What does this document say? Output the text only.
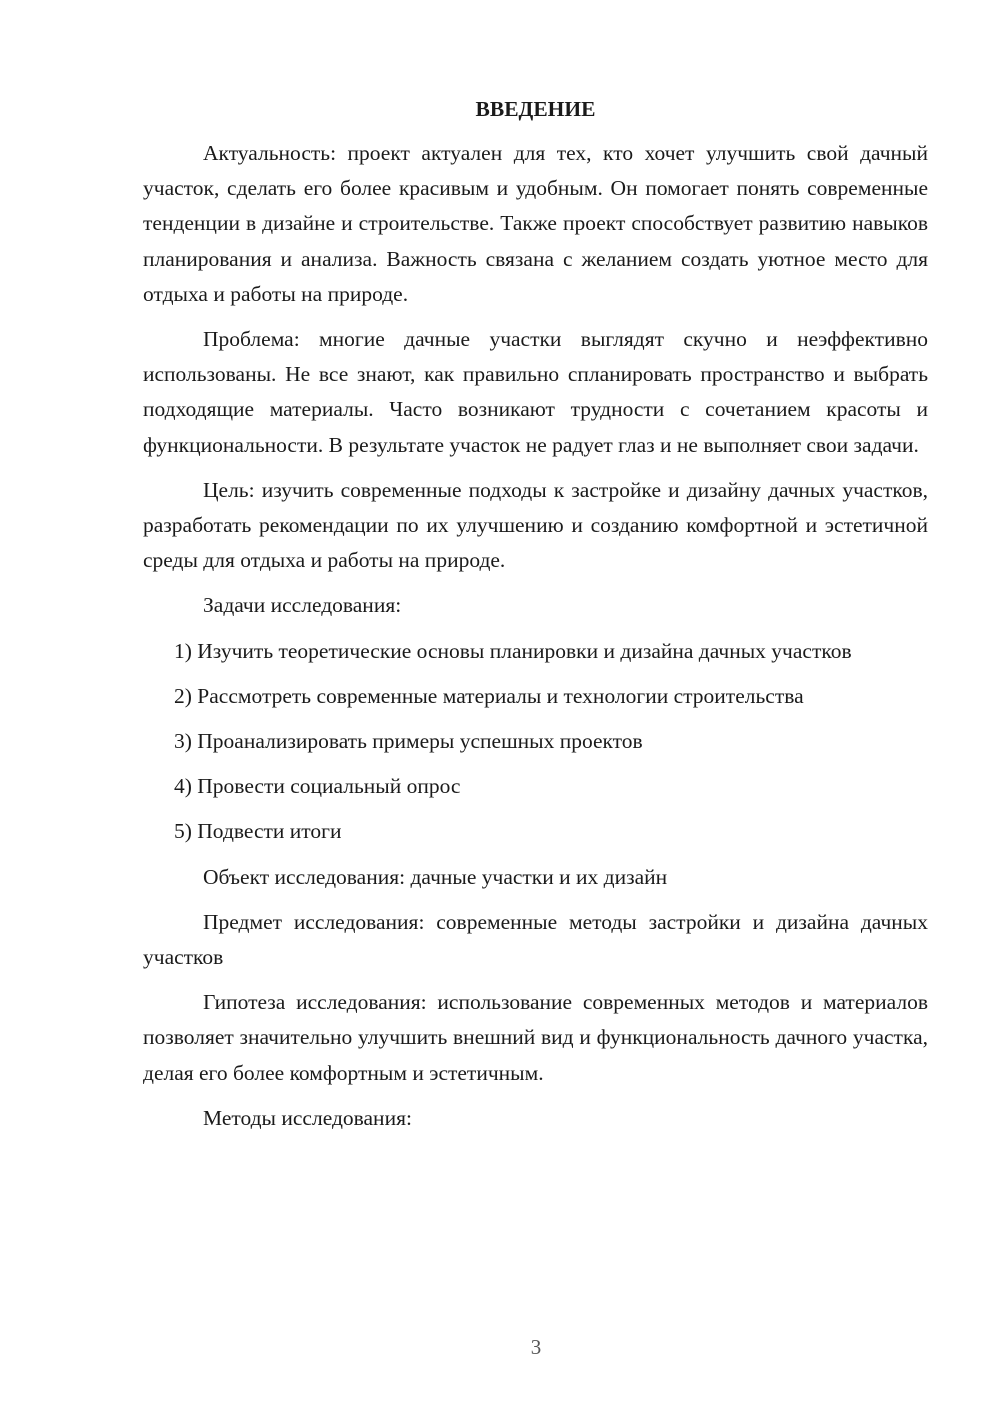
ВВЕДЕНИЕ

Актуальность: проект актуален для тех, кто хочет улучшить свой дачный участок, сделать его более красивым и удобным. Он помогает понять современные тенденции в дизайне и строительстве. Также проект способствует развитию навыков планирования и анализа. Важность связана с желанием создать уютное место для отдыха и работы на природе.

Проблема: многие дачные участки выглядят скучно и неэффективно использованы. Не все знают, как правильно спланировать пространство и выбрать подходящие материалы. Часто возникают трудности с сочетанием красоты и функциональности. В результате участок не радует глаз и не выполняет свои задачи.

Цель: изучить современные подходы к застройке и дизайну дачных участков, разработать рекомендации по их улучшению и созданию комфортной и эстетичной среды для отдыха и работы на природе.

Задачи исследования:

1) Изучить теоретические основы планировки и дизайна дачных участков
2) Рассмотреть современные материалы и технологии строительства
3) Проанализировать примеры успешных проектов
4) Провести социальный опрос
5) Подвести итоги

Объект исследования: дачные участки и их дизайн

Предмет исследования: современные методы застройки и дизайна дачных участков

Гипотеза исследования: использование современных методов и материалов позволяет значительно улучшить внешний вид и функциональность дачного участка, делая его более комфортным и эстетичным.

Методы исследования:

3
